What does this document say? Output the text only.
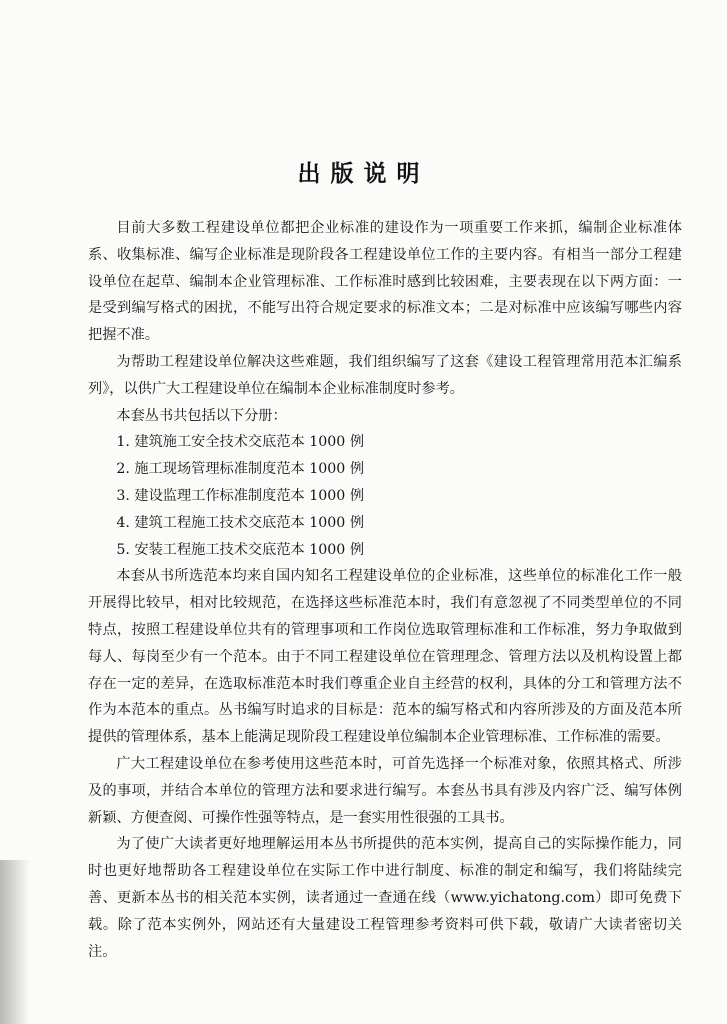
出版说明

目前大多数工程建设单位都把企业标准的建设作为一项重要工作来抓，编制企业标准体系、收集标准、编写企业标准是现阶段各工程建设单位工作的主要内容。有相当一部分工程建设单位在起草、编制本企业管理标准、工作标准时感到比较困难，主要表现在以下两方面：一是受到编写格式的困扰，不能写出符合规定要求的标准文本；二是对标准中应该编写哪些内容把握不准。

为帮助工程建设单位解决这些难题，我们组织编写了这套《建设工程管理常用范本汇编系列》，以供广大工程建设单位在编制本企业标准制度时参考。

本套丛书共包括以下分册：

1. 建筑施工安全技术交底范本 1000 例

2. 施工现场管理标准制度范本 1000 例

3. 建设监理工作标准制度范本 1000 例

4. 建筑工程施工技术交底范本 1000 例

5. 安装工程施工技术交底范本 1000 例

本套从书所选范本均来自国内知名工程建设单位的企业标准，这些单位的标准化工作一般开展得比较早，相对比较规范，在选择这些标准范本时，我们有意忽视了不同类型单位的不同特点，按照工程建设单位共有的管理事项和工作岗位选取管理标准和工作标准，努力争取做到每人、每岗至少有一个范本。由于不同工程建设单位在管理理念、管理方法以及机构设置上都存在一定的差异，在选取标准范本时我们尊重企业自主经营的权利，具体的分工和管理方法不作为本范本的重点。丛书编写时追求的目标是：范本的编写格式和内容所涉及的方面及范本所提供的管理体系，基本上能满足现阶段工程建设单位编制本企业管理标准、工作标准的需要。

广大工程建设单位在参考使用这些范本时，可首先选择一个标准对象，依照其格式、所涉及的事项，并结合本单位的管理方法和要求进行编写。本套丛书具有涉及内容广泛、编写体例新颖、方便查阅、可操作性强等特点，是一套实用性很强的工具书。

为了使广大读者更好地理解运用本丛书所提供的范本实例，提高自己的实际操作能力，同时也更好地帮助各工程建设单位在实际工作中进行制度、标准的制定和编写，我们将陆续完善、更新本丛书的相关范本实例，读者通过一查通在线（www.yichatong.com）即可免费下载。除了范本实例外，网站还有大量建设工程管理参考资料可供下载，敬请广大读者密切关注。
